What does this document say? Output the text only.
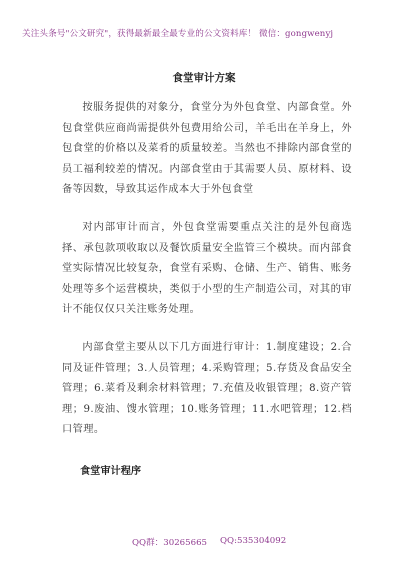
关注头条号"公文研究"，获得最新最全最专业的公文资料库！ 微信：gongwenyj
食堂审计方案
按服务提供的对象分，食堂分为外包食堂、内部食堂。外包食堂供应商尚需提供外包费用给公司，羊毛出在羊身上，外包食堂的价格以及菜肴的质量较差。当然也不排除内部食堂的员工福利较差的情况。内部食堂由于其需要人员、原材料、设备等因数，导致其运作成本大于外包食堂
对内部审计而言，外包食堂需要重点关注的是外包商选择、承包款项收取以及餐饮质量安全监管三个模块。而内部食堂实际情况比较复杂，食堂有采购、仓储、生产、销售、账务处理等多个运营模块，类似于小型的生产制造公司，对其的审计不能仅仅只关注账务处理。
内部食堂主要从以下几方面进行审计：1.制度建设；2.合同及证件管理；3.人员管理；4.采购管理；5.存货及食品安全管理；6.菜肴及剩余材料管理；7.充值及收银管理；8.资产管理；9.废油、馊水管理；10.账务管理；11.水吧管理；12.档口管理。
食堂审计程序
QQ群：30265665 QQ:535304092
